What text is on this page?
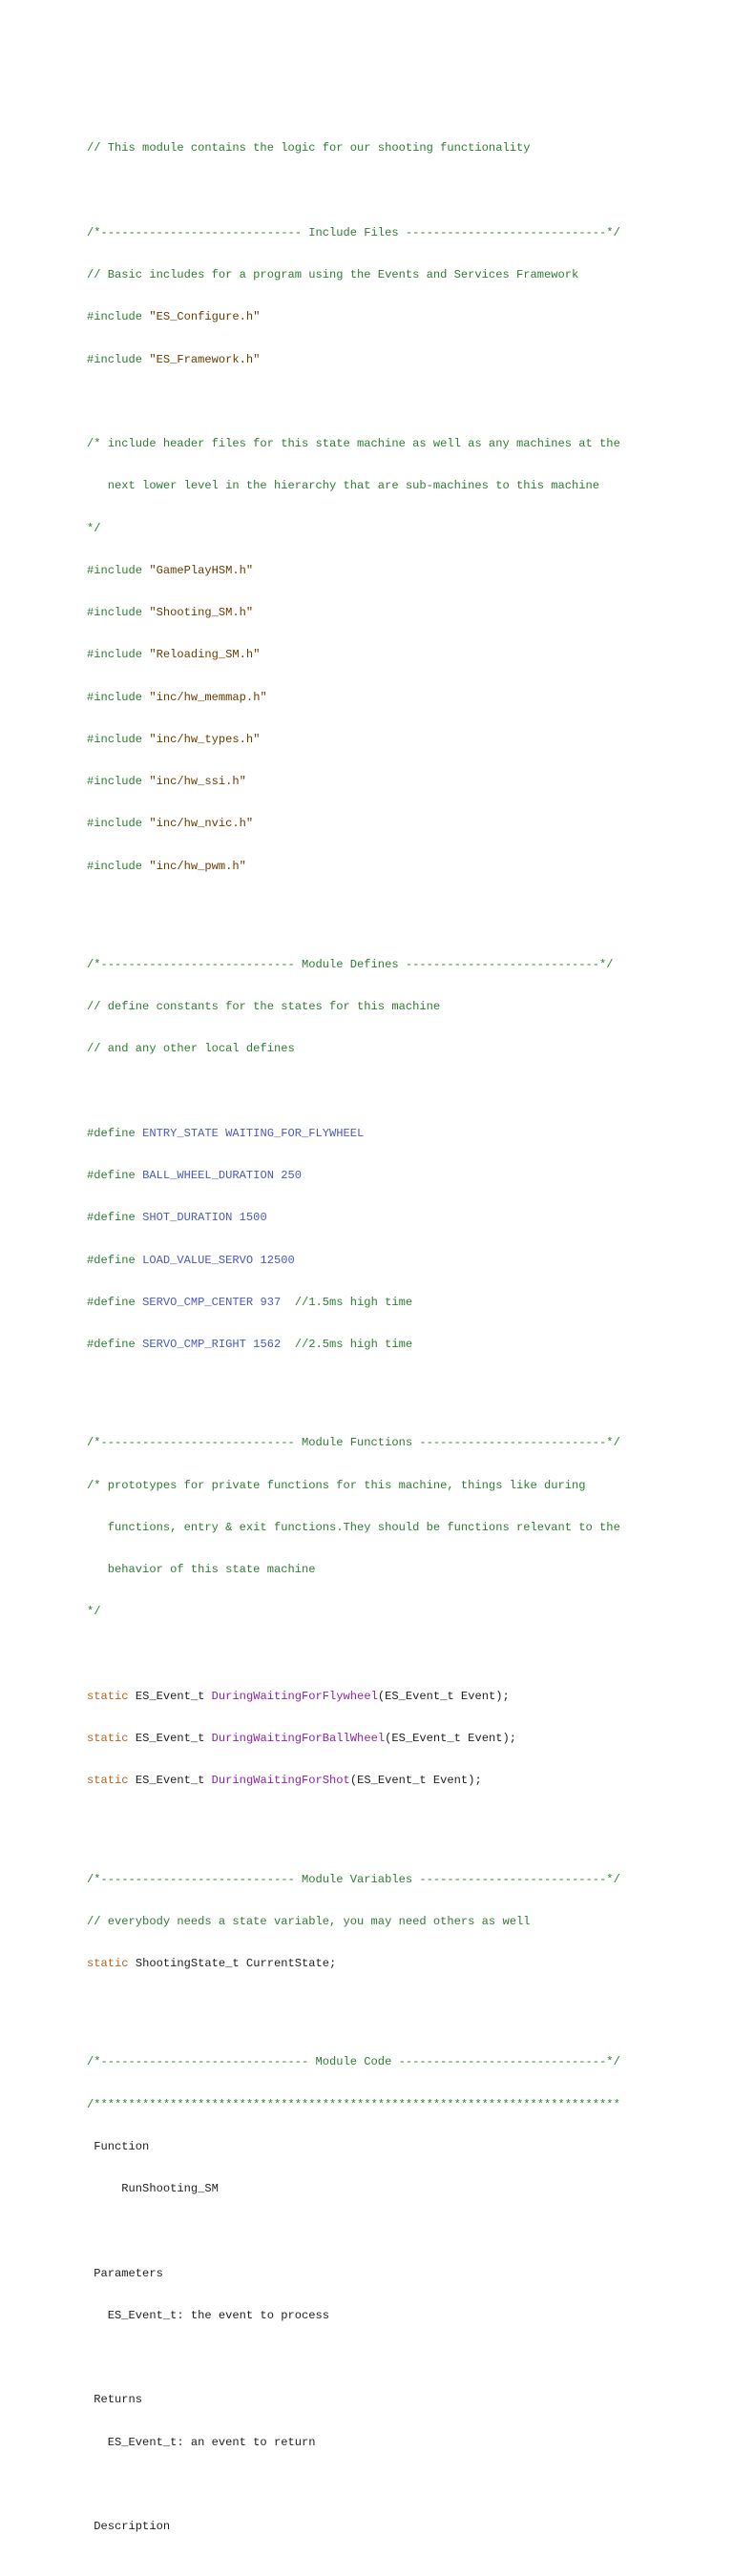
// This module contains the logic for our shooting functionality

/*----------------------------- Include Files -----------------------------*/

// Basic includes for a program using the Events and Services Framework

#include "ES_Configure.h"

#include "ES_Framework.h"

/* include header files for this state machine as well as any machines at the

next lower level in the hierarchy that are sub-machines to this machine

*/

#include "GamePlayHSM.h"

#include "Shooting_SM.h"

#include "Reloading_SM.h"

#include "inc/hw_memmap.h"

#include "inc/hw_types.h"

#include "inc/hw_ssi.h"

#include "inc/hw_nvic.h"

#include "inc/hw_pwm.h"

/*---------------------------- Module Defines ----------------------------*/

// define constants for the states for this machine

// and any other local defines

#define ENTRY_STATE WAITING_FOR_FLYWHEEL

#define BALL_WHEEL_DURATION 250

#define SHOT_DURATION 1500

#define LOAD_VALUE_SERVO 12500

#define SERVO_CMP_CENTER 937  //1.5ms high time

#define SERVO_CMP_RIGHT 1562  //2.5ms high time

/*---------------------------- Module Functions ---------------------------*/

/* prototypes for private functions for this machine, things like during

functions, entry & exit functions.They should be functions relevant to the

behavior of this state machine

*/

static ES_Event_t DuringWaitingForFlywheel(ES_Event_t Event);

static ES_Event_t DuringWaitingForBallWheel(ES_Event_t Event);

static ES_Event_t DuringWaitingForShot(ES_Event_t Event);

/*---------------------------- Module Variables ---------------------------*/

// everybody needs a state variable, you may need others as well

static ShootingState_t CurrentState;

/*------------------------------ Module Code ------------------------------*/

/****************************************************************************

Function

RunShooting_SM

Parameters

ES_Event_t: the event to process

Returns

ES_Event_t: an event to return

Description
